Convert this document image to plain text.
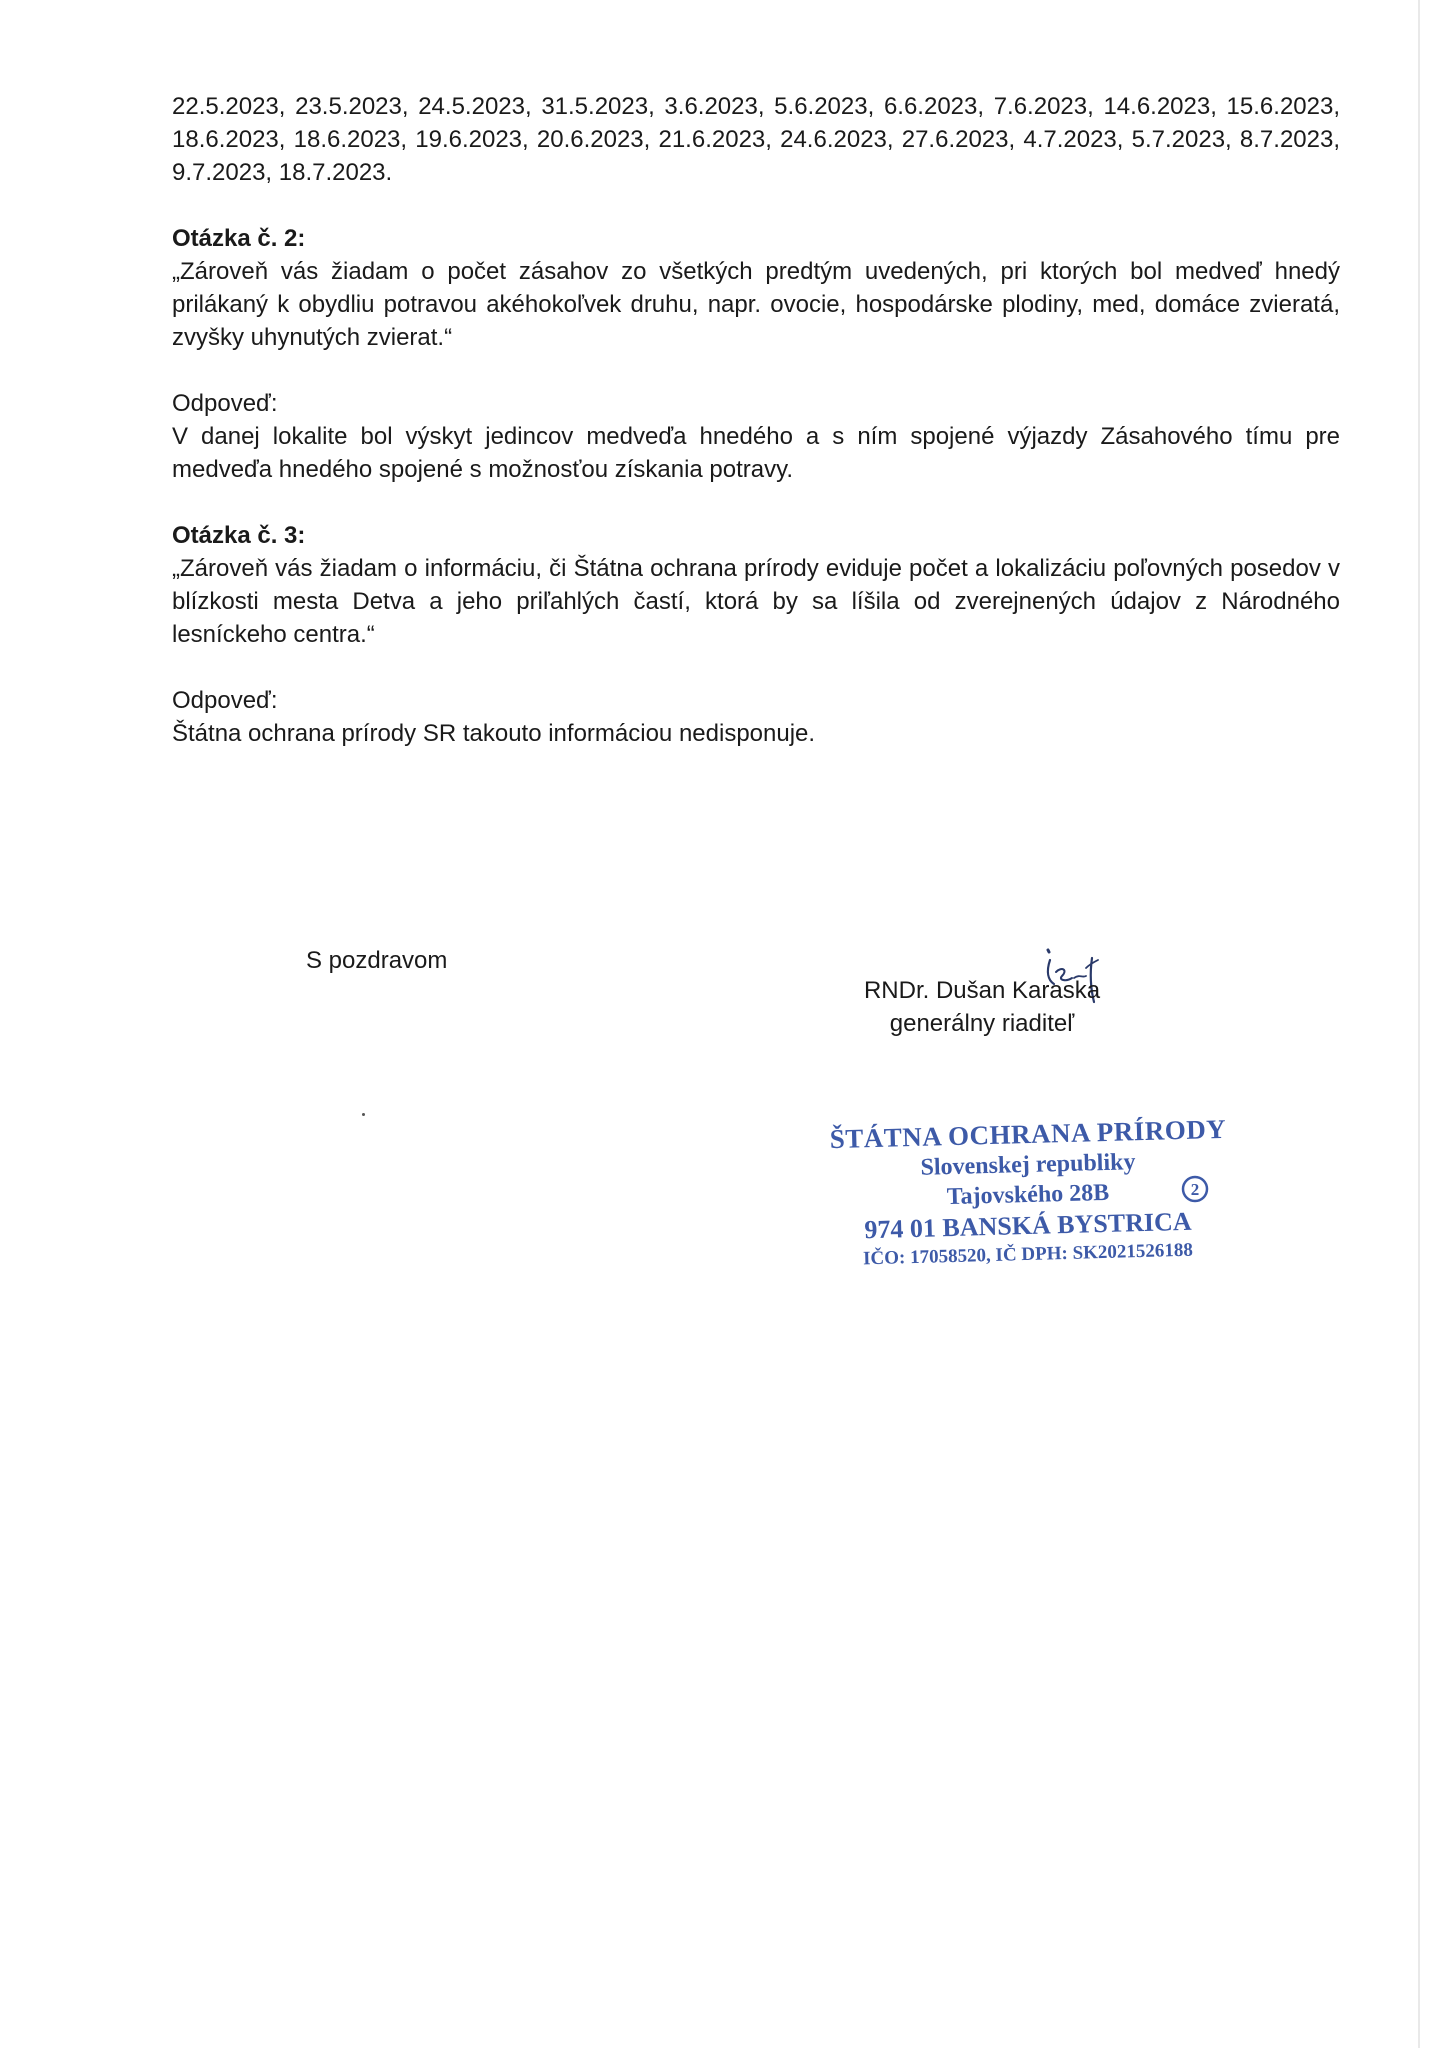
22.5.2023, 23.5.2023, 24.5.2023, 31.5.2023, 3.6.2023, 5.6.2023, 6.6.2023, 7.6.2023, 14.6.2023, 15.6.2023, 18.6.2023, 18.6.2023, 19.6.2023, 20.6.2023, 21.6.2023, 24.6.2023, 27.6.2023, 4.7.2023, 5.7.2023, 8.7.2023, 9.7.2023, 18.7.2023.

Otázka č. 2:

„Zároveň vás žiadam o počet zásahov zo všetkých predtým uvedených, pri ktorých bol medveď hnedý prilákaný k obydliu potravou akéhokoľvek druhu, napr. ovocie, hospodárske plodiny, med, domáce zvieratá, zvyšky uhynutých zvierat.“

Odpoveď:

V danej lokalite bol výskyt jedincov medveďa hnedého a s ním spojené výjazdy Zásahového tímu pre medveďa hnedého spojené s možnosťou získania potravy.

Otázka č. 3:

„Zároveň vás žiadam o informáciu, či Štátna ochrana prírody eviduje počet a lokalizáciu poľovných posedov v blízkosti mesta Detva a jeho priľahlých častí, ktorá by sa líšila od zverejnených údajov z Národného lesníckeho centra.“

Odpoveď:

Štátna ochrana prírody SR takouto informáciou nedisponuje.

S pozdravom
RNDr. Dušan Karaska
generálny riaditeľ
ŠTÁTNA OCHRANA PRÍRODY
Slovenskej republiky
Tajovského 28B
974 01 BANSKÁ BYSTRICA
IČO: 17058520, IČ DPH: SK2021526188
2
